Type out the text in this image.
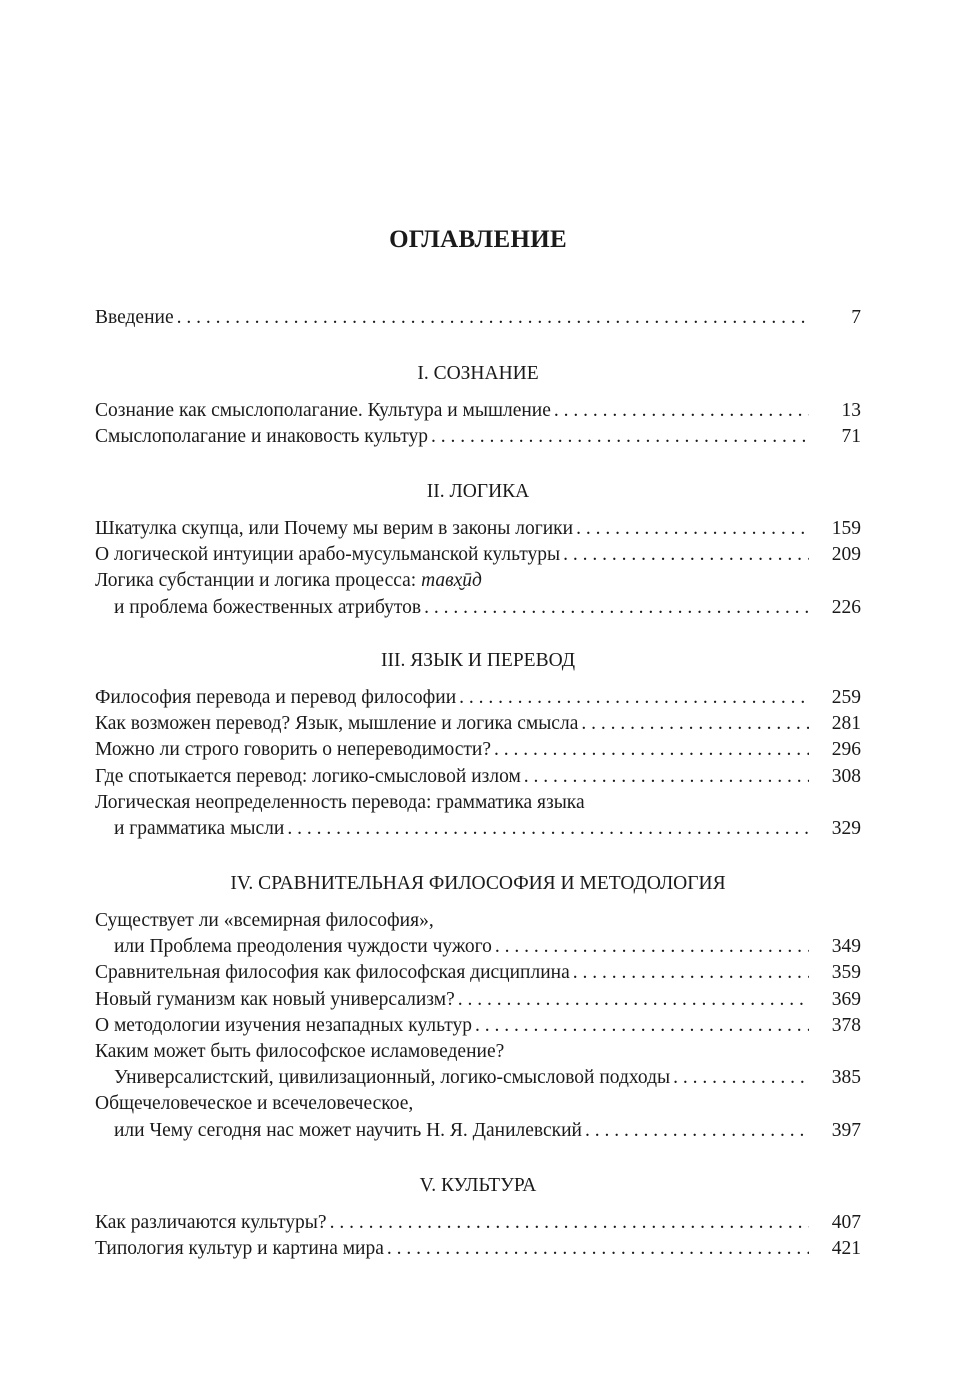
ОГЛАВЛЕНИЕ
Введение . . .	7
I. СОЗНАНИЕ
Сознание как смыслополагание. Культура и мышление . . .	13
Смыслополагание и инаковость культур . . .	71
II. ЛОГИКА
Шкатулка скупца, или Почему мы верим в законы логики . . .	159
О логической интуиции арабо-мусульманской культуры . . .	209
Логика субстанции и логика процесса: тавх̮ӣд
и проблема божественных атрибутов . . .	226
III. ЯЗЫК И ПЕРЕВОД
Философия перевода и перевод философии . . .	259
Как возможен перевод? Язык, мышление и логика смысла . . .	281
Можно ли строго говорить о непереводимости? . . .	296
Где спотыкается перевод: логико-смысловой излом . . .	308
Логическая неопределенность перевода: грамматика языка
и грамматика мысли . . .	329
IV. СРАВНИТЕЛЬНАЯ ФИЛОСОФИЯ И МЕТОДОЛОГИЯ
Существует ли «всемирная философия»,
или Проблема преодоления чуждости чужого . . .	349
Сравнительная философия как философская дисциплина . . .	359
Новый гуманизм как новый универсализм? . . .	369
О методологии изучения незападных культур . . .	378
Каким может быть философское исламоведение?
Универсалистский, цивилизационный, логико-смысловой подходы . . .	385
Общечеловеческое и всечеловеческое,
или Чему сегодня нас может научить Н. Я. Данилевский . . .	397
V. КУЛЬТУРА
Как различаются культуры? . . .	407
Типология культур и картина мира . . .	421
